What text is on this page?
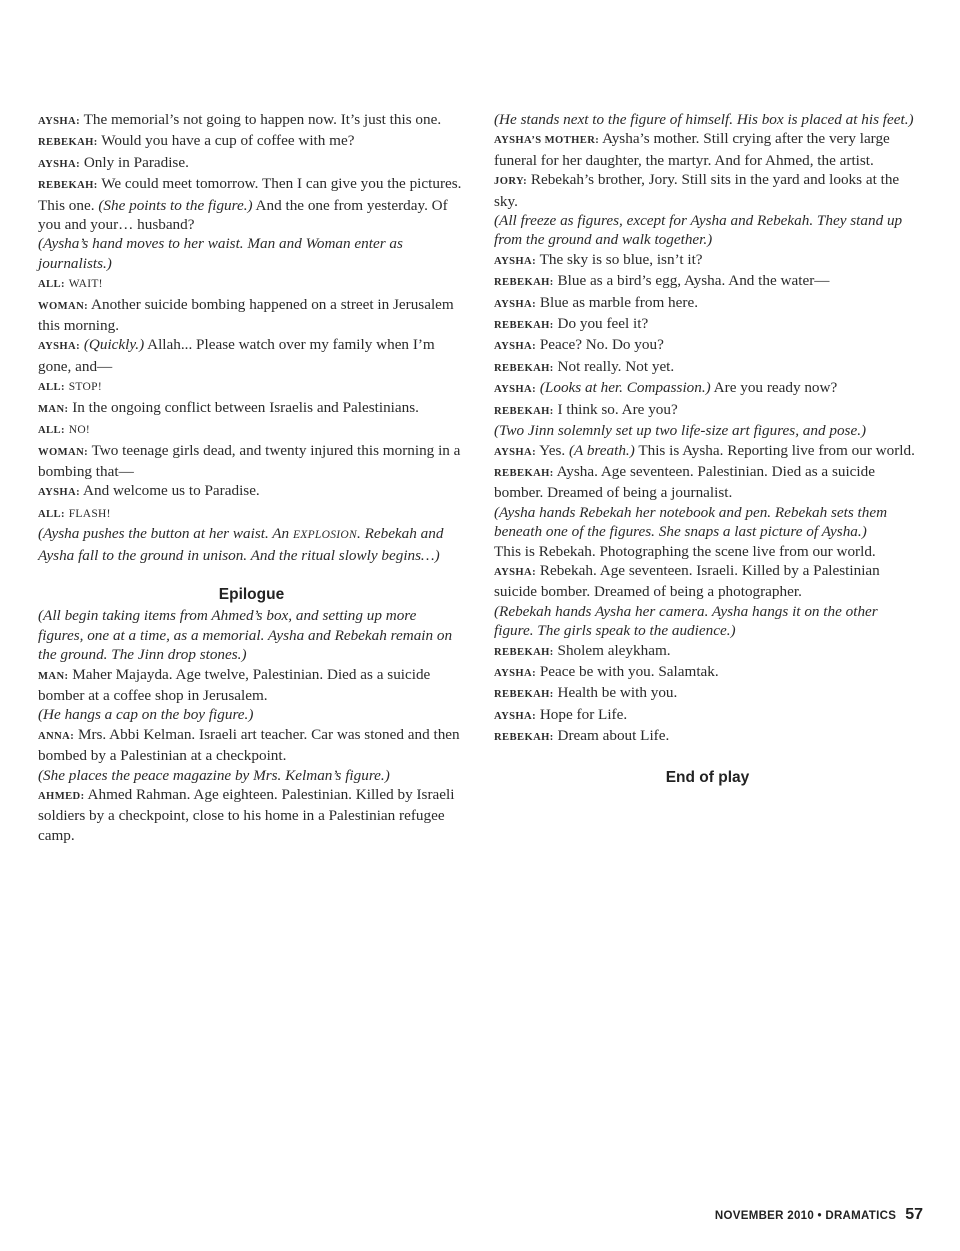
AYSHA: The memorial’s not going to happen now. It’s just this one.

REBEKAH: Would you have a cup of coffee with me?

AYSHA: Only in Paradise.

REBEKAH: We could meet tomorrow. Then I can give you the pictures. This one. (She points to the figure.) And the one from yesterday. Of you and your… husband?

(Aysha’s hand moves to her waist. Man and Woman enter as journalists.)

ALL: WAIT!

WOMAN: Another suicide bombing happened on a street in Jerusalem this morning.

AYSHA: (Quickly.) Allah... Please watch over my family when I’m gone, and—

ALL: STOP!

MAN: In the ongoing conflict between Israelis and Palestinians.

ALL: NO!

WOMAN: Two teenage girls dead, and twenty injured this morning in a bombing that—

AYSHA: And welcome us to Paradise.

ALL: FLASH!

(Aysha pushes the button at her waist. An EXPLOSION. Rebekah and Aysha fall to the ground in unison. And the ritual slowly begins…)

Epilogue

(All begin taking items from Ahmed’s box, and setting up more figures, one at a time, as a memorial. Aysha and Rebekah remain on the ground. The Jinn drop stones.)

MAN: Maher Majayda. Age twelve, Palestinian. Died as a suicide bomber at a coffee shop in Jerusalem.

(He hangs a cap on the boy figure.)

ANNA: Mrs. Abbi Kelman. Israeli art teacher. Car was stoned and then bombed by a Palestinian at a checkpoint.

(She places the peace magazine by Mrs. Kelman’s figure.)

AHMED: Ahmed Rahman. Age eighteen. Palestinian. Killed by Israeli soldiers by a checkpoint, close to his home in a Palestinian refugee camp.

(He stands next to the figure of himself. His box is placed at his feet.)

AYSHA’S MOTHER: Aysha’s mother. Still crying after the very large funeral for her daughter, the martyr. And for Ahmed, the artist.

JORY: Rebekah’s brother, Jory. Still sits in the yard and looks at the sky.

(All freeze as figures, except for Aysha and Rebekah. They stand up from the ground and walk together.)

AYSHA: The sky is so blue, isn’t it?

REBEKAH: Blue as a bird’s egg, Aysha. And the water—

AYSHA: Blue as marble from here.

REBEKAH: Do you feel it?

AYSHA: Peace? No. Do you?

REBEKAH: Not really. Not yet.

AYSHA: (Looks at her. Compassion.) Are you ready now?

REBEKAH: I think so. Are you?

(Two Jinn solemnly set up two life-size art figures, and pose.)

AYSHA: Yes. (A breath.) This is Aysha. Reporting live from our world.

REBEKAH: Aysha. Age seventeen. Palestinian. Died as a suicide bomber. Dreamed of being a journalist.

(Aysha hands Rebekah her notebook and pen. Rebekah sets them beneath one of the figures. She snaps a last picture of Aysha.)

This is Rebekah. Photographing the scene live from our world.

AYSHA: Rebekah. Age seventeen. Israeli. Killed by a Palestinian suicide bomber. Dreamed of being a photographer.

(Rebekah hands Aysha her camera. Aysha hangs it on the other figure. The girls speak to the audience.)

REBEKAH: Sholem aleykham.

AYSHA: Peace be with you. Salamtak.

REBEKAH: Health be with you.

AYSHA: Hope for Life.

REBEKAH: Dream about Life.

End of play
NOVEMBER 2010 • DRAMATICS 57
